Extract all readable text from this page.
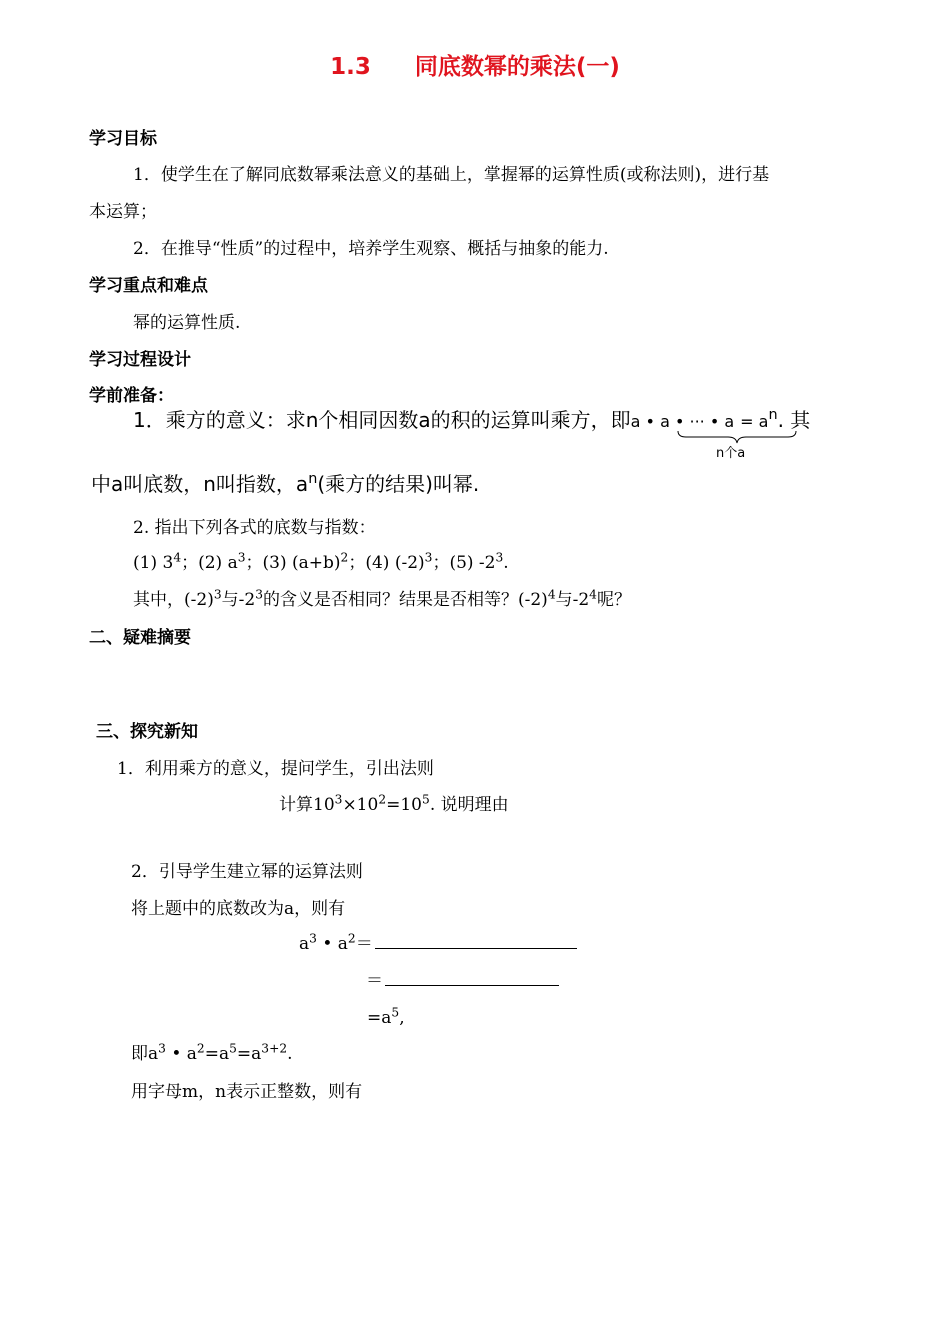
1.3 同底数幂的乘法(一)
学习目标
1．使学生在了解同底数幂乘法意义的基础上，掌握幂的运算性质(或称法则)，进行基
本运算；
2．在推导“性质”的过程中，培养学生观察、概括与抽象的能力.
学习重点和难点
幂的运算性质.
学习过程设计
学前准备：
1．乘方的意义：求n个相同因数a的积的运算叫乘方，即a • a • ··· • $a = a^n$. 其
n个a
中a叫底数，n叫指数，$a^n$(乘方的结果)叫幂.
2. 指出下列各式的底数与指数：
(1) $3^4$；(2) $a^3$；(3) $(a+b)^2$；(4) $(-2)^3$；(5) $-2^3$.
其中，$(-2)^3$与$-2^3$的含义是否相同？结果是否相等？$(-2)^4$与$-2^4$呢？
二、疑难摘要
三、探究新知
1．利用乘方的意义，提问学生，引出法则
计算$10^3\times 10^2=10^5$. 说明理由
2．引导学生建立幂的运算法则
将上题中的底数改为a，则有
$a^3$ • $a^2=$
＝
$=a^5$,
即$a^3$ • $a^2=a^5=a^{3+2}$.
用字母m，n表示正整数，则有
